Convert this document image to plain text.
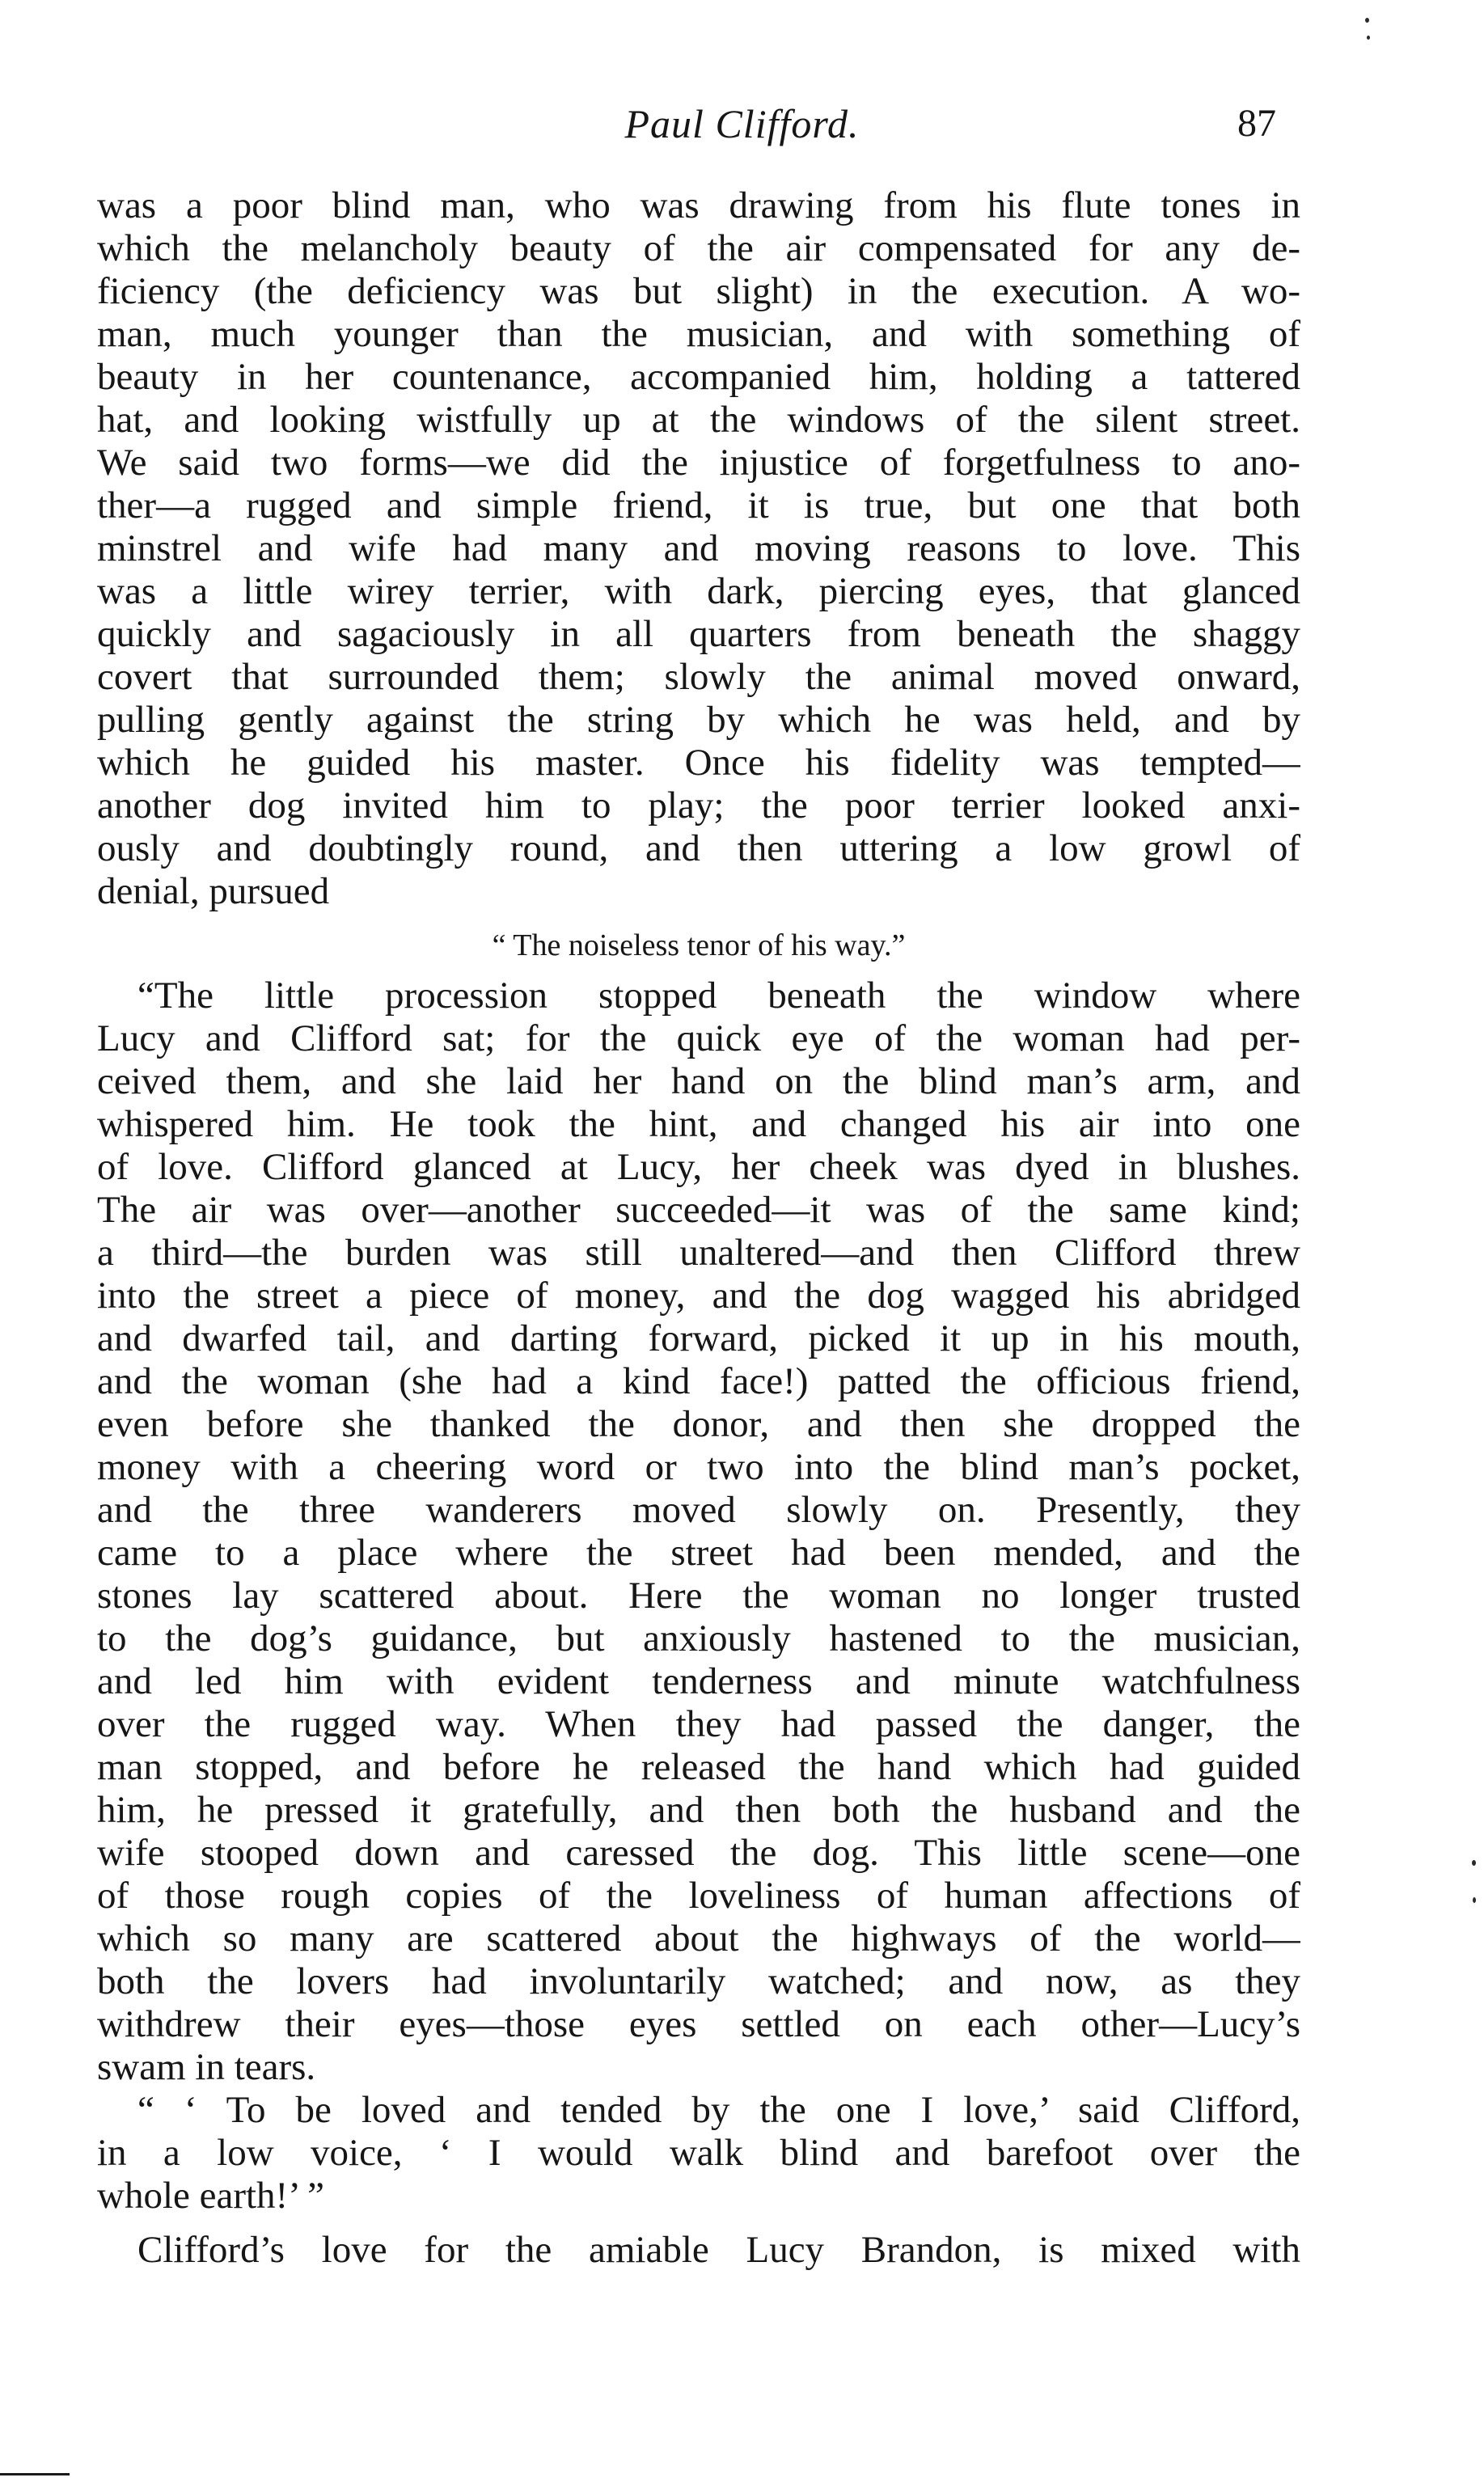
Paul Clifford.	87
was a poor blind man, who was drawing from his flute tones in
which the melancholy beauty of the air compensated for any de-
ficiency (the deficiency was but slight) in the execution. A wo-
man, much younger than the musician, and with something of
beauty in her countenance, accompanied him, holding a tattered
hat, and looking wistfully up at the windows of the silent street.
We said two forms—we did the injustice of forgetfulness to ano-
ther—a rugged and simple friend, it is true, but one that both
minstrel and wife had many and moving reasons to love. This
was a little wirey terrier, with dark, piercing eyes, that glanced
quickly and sagaciously in all quarters from beneath the shaggy
covert that surrounded them; slowly the animal moved onward,
pulling gently against the string by which he was held, and by
which he guided his master. Once his fidelity was tempted—
another dog invited him to play; the poor terrier looked anxi-
ously and doubtingly round, and then uttering a low growl of
denial, pursued
“ The noiseless tenor of his way.”
“The little procession stopped beneath the window where
Lucy and Clifford sat; for the quick eye of the woman had per-
ceived them, and she laid her hand on the blind man’s arm, and
whispered him. He took the hint, and changed his air into one
of love. Clifford glanced at Lucy, her cheek was dyed in blushes.
The air was over—another succeeded—it was of the same kind;
a third—the burden was still unaltered—and then Clifford threw
into the street a piece of money, and the dog wagged his abridged
and dwarfed tail, and darting forward, picked it up in his mouth,
and the woman (she had a kind face!) patted the officious friend,
even before she thanked the donor, and then she dropped the
money with a cheering word or two into the blind man’s pocket,
and the three wanderers moved slowly on. Presently, they
came to a place where the street had been mended, and the
stones lay scattered about. Here the woman no longer trusted
to the dog’s guidance, but anxiously hastened to the musician,
and led him with evident tenderness and minute watchfulness
over the rugged way. When they had passed the danger, the
man stopped, and before he released the hand which had guided
him, he pressed it gratefully, and then both the husband and the
wife stooped down and caressed the dog. This little scene—one
of those rough copies of the loveliness of human affections of
which so many are scattered about the highways of the world—
both the lovers had involuntarily watched; and now, as they
withdrew their eyes—those eyes settled on each other—Lucy’s
swam in tears.
“ ‘ To be loved and tended by the one I love,’ said Clifford,
in a low voice, ‘ I would walk blind and barefoot over the
whole earth!’ ”
Clifford’s love for the amiable Lucy Brandon, is mixed with
